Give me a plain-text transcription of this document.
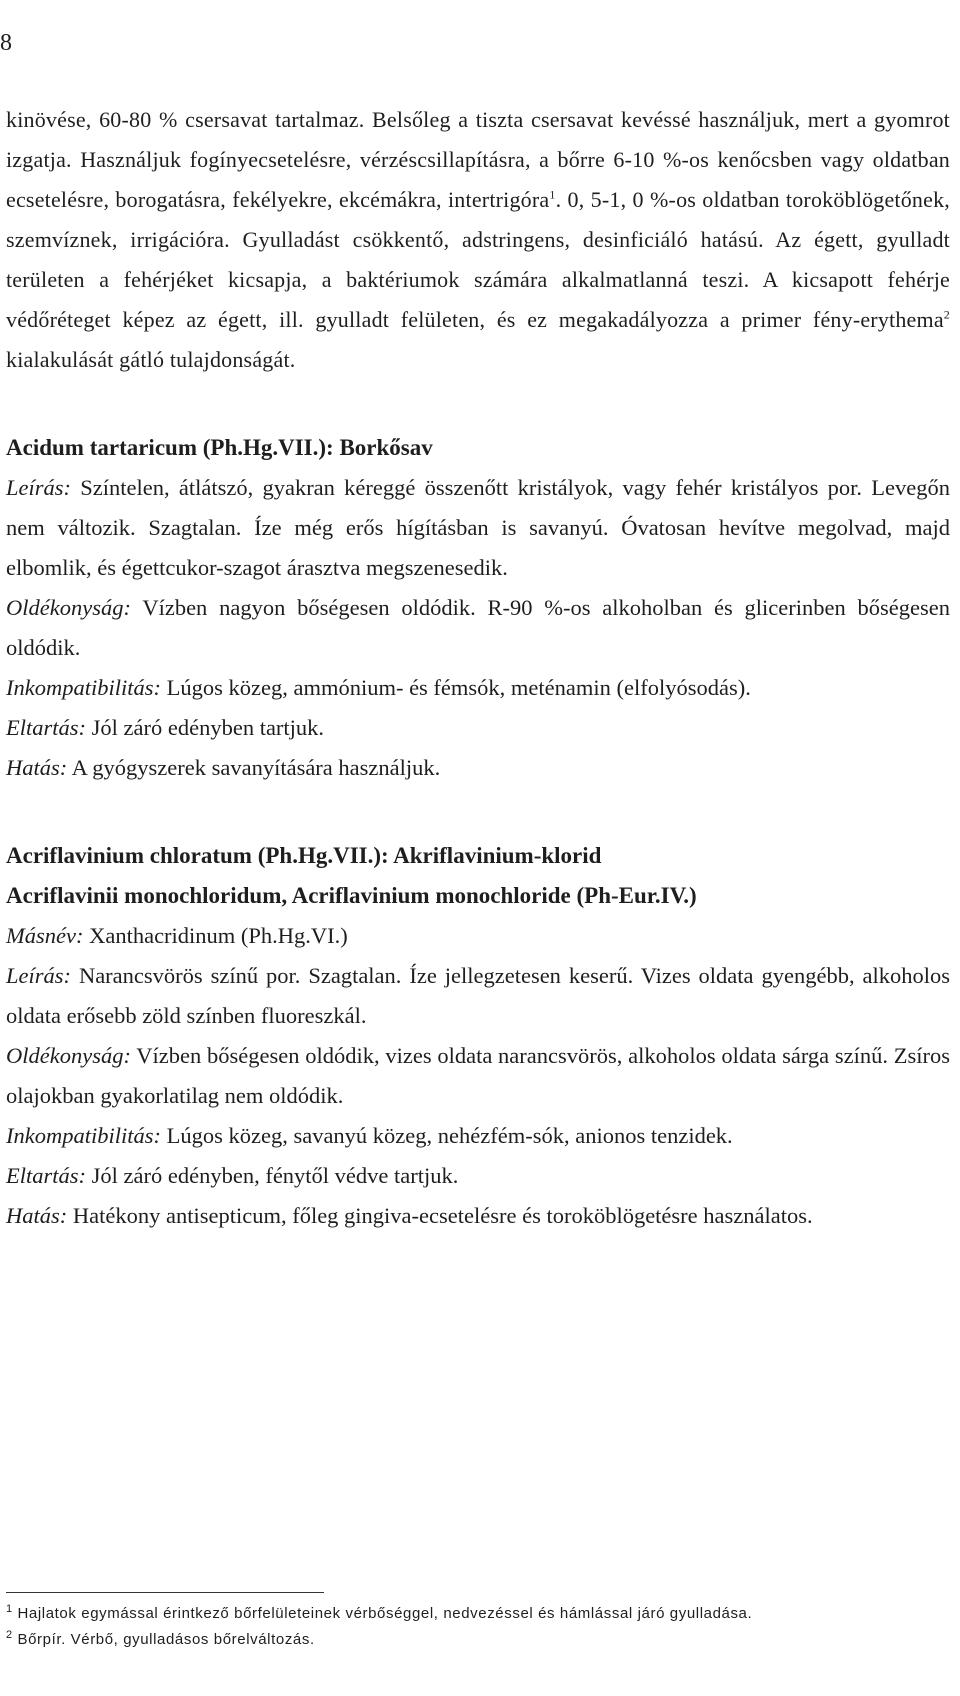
8

kinövése, 60-80 % csersavat tartalmaz. Belsőleg a tiszta csersavat kevéssé használjuk, mert a gyomrot izgatja. Használjuk fogínyecsetelésre, vérzéscsillapításra, a bőrre 6-10 %-os kenőcsben vagy oldatban ecsetelésre, borogatásra, fekélyekre, ekcémákra, intertrigóra$^1$. 0, 5-1, 0 %-os oldatban toroköblögetőnek, szemvíznek, irrigációra. Gyulladást csökkentő, adstringens, desinficiáló hatású. Az égett, gyulladt területen a fehérjéket kicsapja, a baktériumok számára alkalmatlanná teszi. A kicsapott fehérje védőréteget képez az égett, ill. gyulladt felületen, és ez megakadályozza a primer fény-erythema$^2$ kialakulását gátló tulajdonságát.

Acidum tartaricum (Ph.Hg.VII.): Borkősav

Leírás: Színtelen, átlátszó, gyakran kéreggé összenőtt kristályok, vagy fehér kristályos por. Levegőn nem változik. Szagtalan. Íze még erős hígításban is savanyú. Óvatosan hevítve megolvad, majd elbomlik, és égettcukor-szagot árasztva megszenesedik.

Oldékonyság: Vízben nagyon bőségesen oldódik. R-90 %-os alkoholban és glicerinben bőségesen oldódik.

Inkompatibilitás: Lúgos közeg, ammónium- és fémsók, meténamin (elfolyósodás).

Eltartás: Jól záró edényben tartjuk.

Hatás: A gyógyszerek savanyítására használjuk.

Acriflavinium chloratum (Ph.Hg.VII.): Akriflavinium-klorid

Acriflavinii monochloridum, Acriflavinium monochloride (Ph-Eur.IV.)

Másnév: Xanthacridinum (Ph.Hg.VI.)

Leírás: Narancsvörös színű por. Szagtalan. Íze jellegzetesen keserű. Vizes oldata gyengébb, alkoholos oldata erősebb zöld színben fluoreszkál.

Oldékonyság: Vízben bőségesen oldódik, vizes oldata narancsvörös, alkoholos oldata sárga színű. Zsíros olajokban gyakorlatilag nem oldódik.

Inkompatibilitás: Lúgos közeg, savanyú közeg, nehézfém-sók, anionos tenzidek.

Eltartás: Jól záró edényben, fénytől védve tartjuk.

Hatás: Hatékony antisepticum, főleg gingiva-ecsetelésre és toroköblögetésre használatos.

$^1$ Hajlatok egymással érintkező bőrfelületeinek vérbőséggel, nedvezéssel és hámlással járó gyulladása.

$^2$ Bőrpír. Vérbő, gyulladásos bőrelváltozás.
